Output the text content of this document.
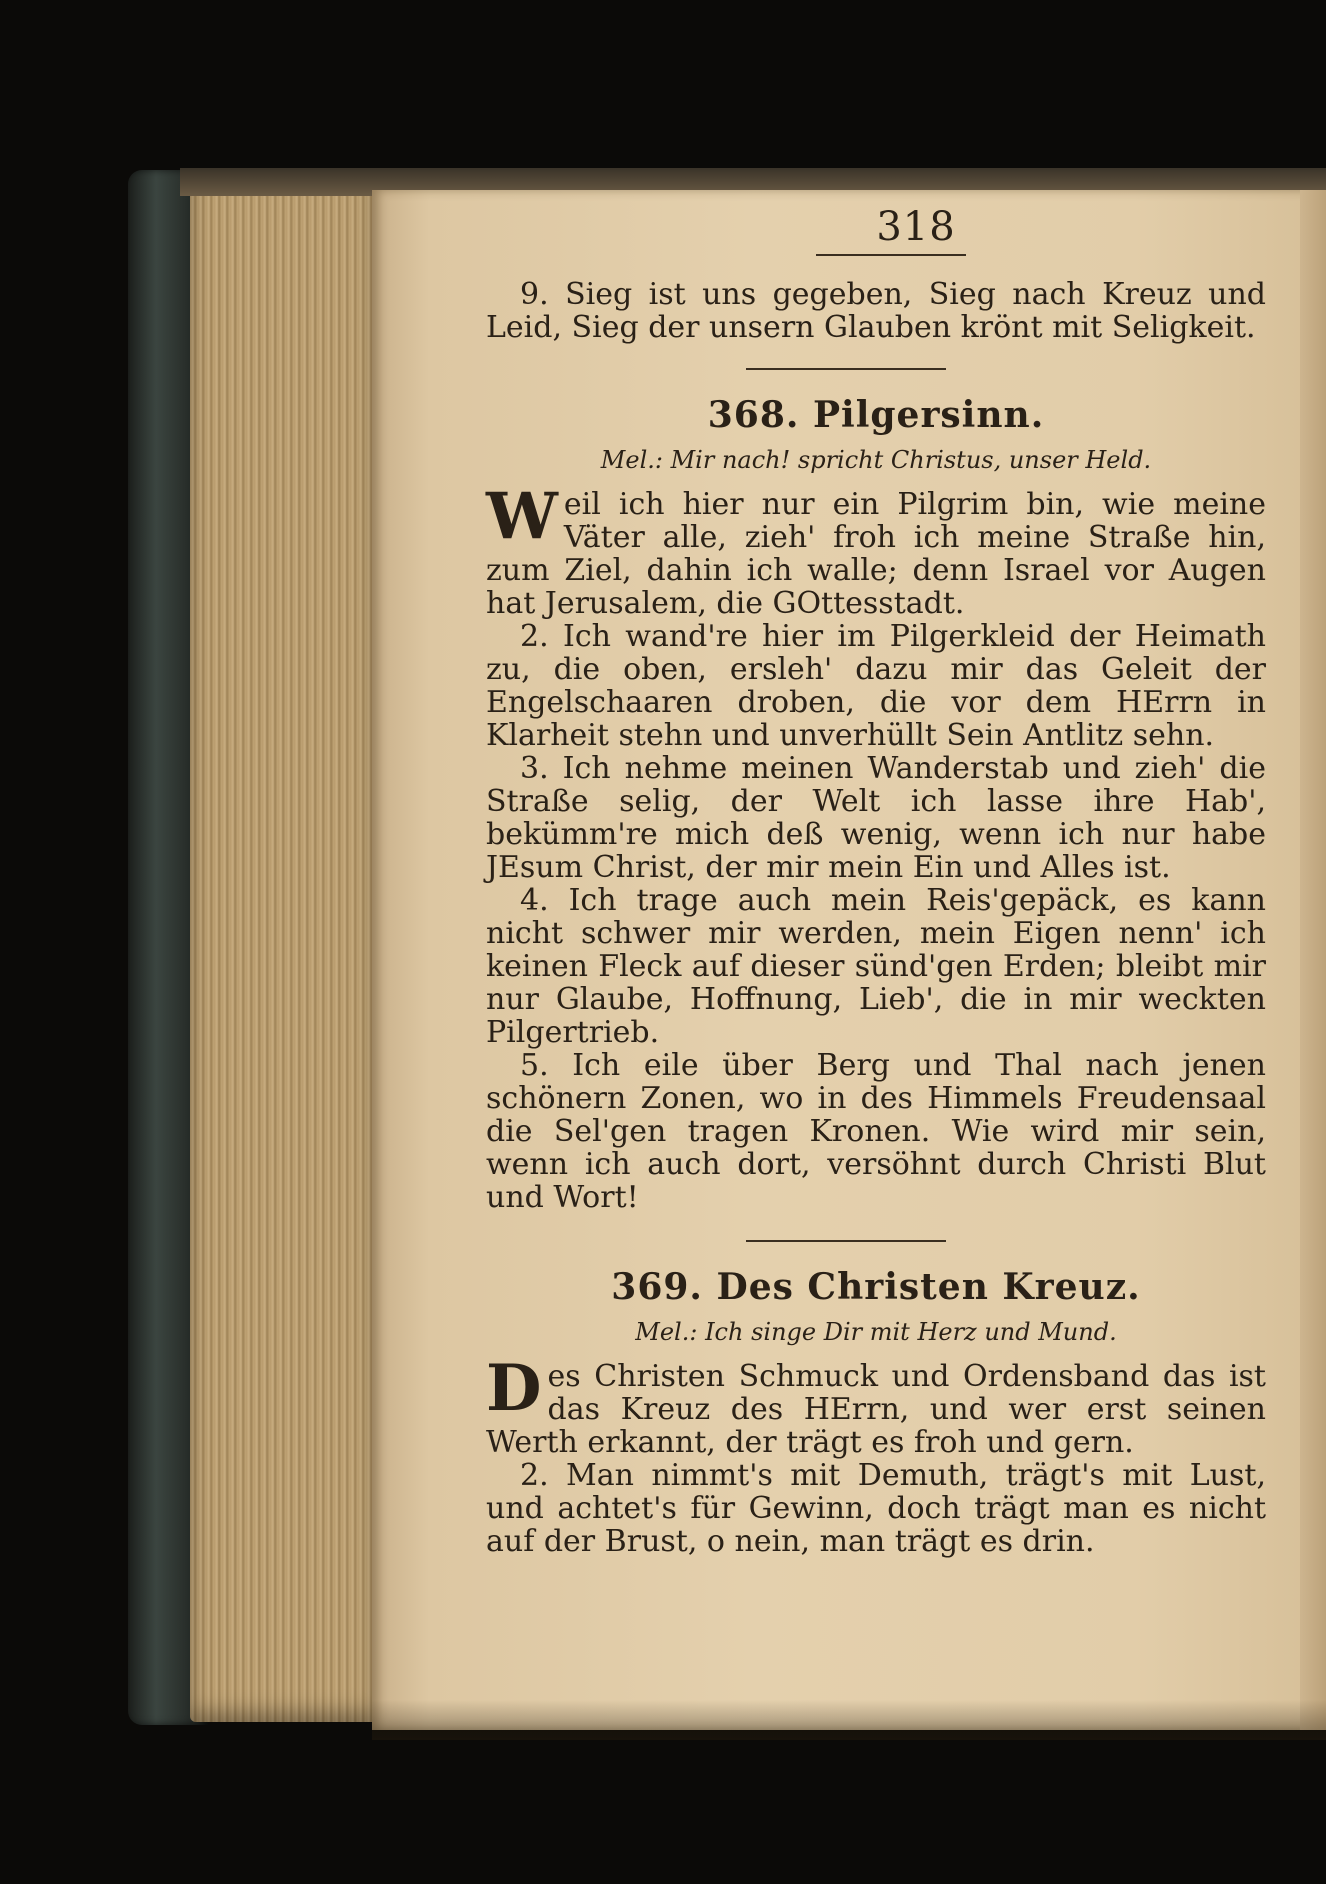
318

9. Sieg ist uns gegeben, Sieg nach Kreuz und Leid, Sieg der unsern Glauben krönt mit Seligkeit.

368. Pilgersinn.
Mel.: Mir nach! spricht Christus, unser Held.

Weil ich hier nur ein Pilgrim bin, wie meine Väter alle, zieh' froh ich meine Straße hin, zum Ziel, dahin ich walle; denn Israel vor Augen hat Jerusalem, die GOttesstadt.

2. Ich wand're hier im Pilgerkleid der Heimath zu, die oben, ersleh' dazu mir das Geleit der Engelschaaren droben, die vor dem HErrn in Klarheit stehn und unverhüllt Sein Antlitz sehn.

3. Ich nehme meinen Wanderstab und zieh' die Straße selig, der Welt ich lasse ihre Hab', bekümm're mich deß wenig, wenn ich nur habe JEsum Christ, der mir mein Ein und Alles ist.

4. Ich trage auch mein Reis'gepäck, es kann nicht schwer mir werden, mein Eigen nenn' ich keinen Fleck auf dieser sünd'gen Erden; bleibt mir nur Glaube, Hoffnung, Lieb', die in mir weckten Pilgertrieb.

5. Ich eile über Berg und Thal nach jenen schönern Zonen, wo in des Himmels Freudensaal die Sel'gen tragen Kronen. Wie wird mir sein, wenn ich auch dort, versöhnt durch Christi Blut und Wort!

369. Des Christen Kreuz.
Mel.: Ich singe Dir mit Herz und Mund.

Des Christen Schmuck und Ordensband das ist das Kreuz des HErrn, und wer erst seinen Werth erkannt, der trägt es froh und gern.

2. Man nimmt's mit Demuth, trägt's mit Lust, und achtet's für Gewinn, doch trägt man es nicht auf der Brust, o nein, man trägt es drin.
